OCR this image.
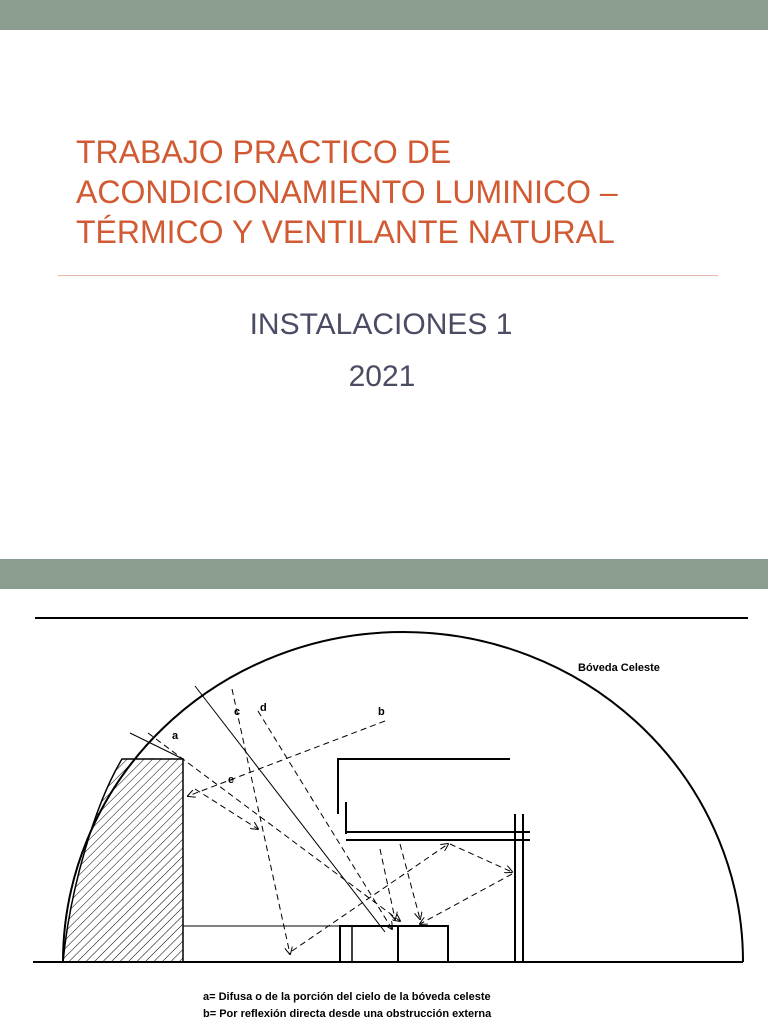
TRABAJO PRACTICO DE
ACONDICIONAMIENTO LUMINICO –
TÉRMICO Y VENTILANTE NATURAL
INSTALACIONES 1
2021
Bóveda Celeste
a
b
c d
e
a= Difusa o de la porción del cielo de la bóveda celeste
b= Por reflexión directa desde una obstrucción externa
